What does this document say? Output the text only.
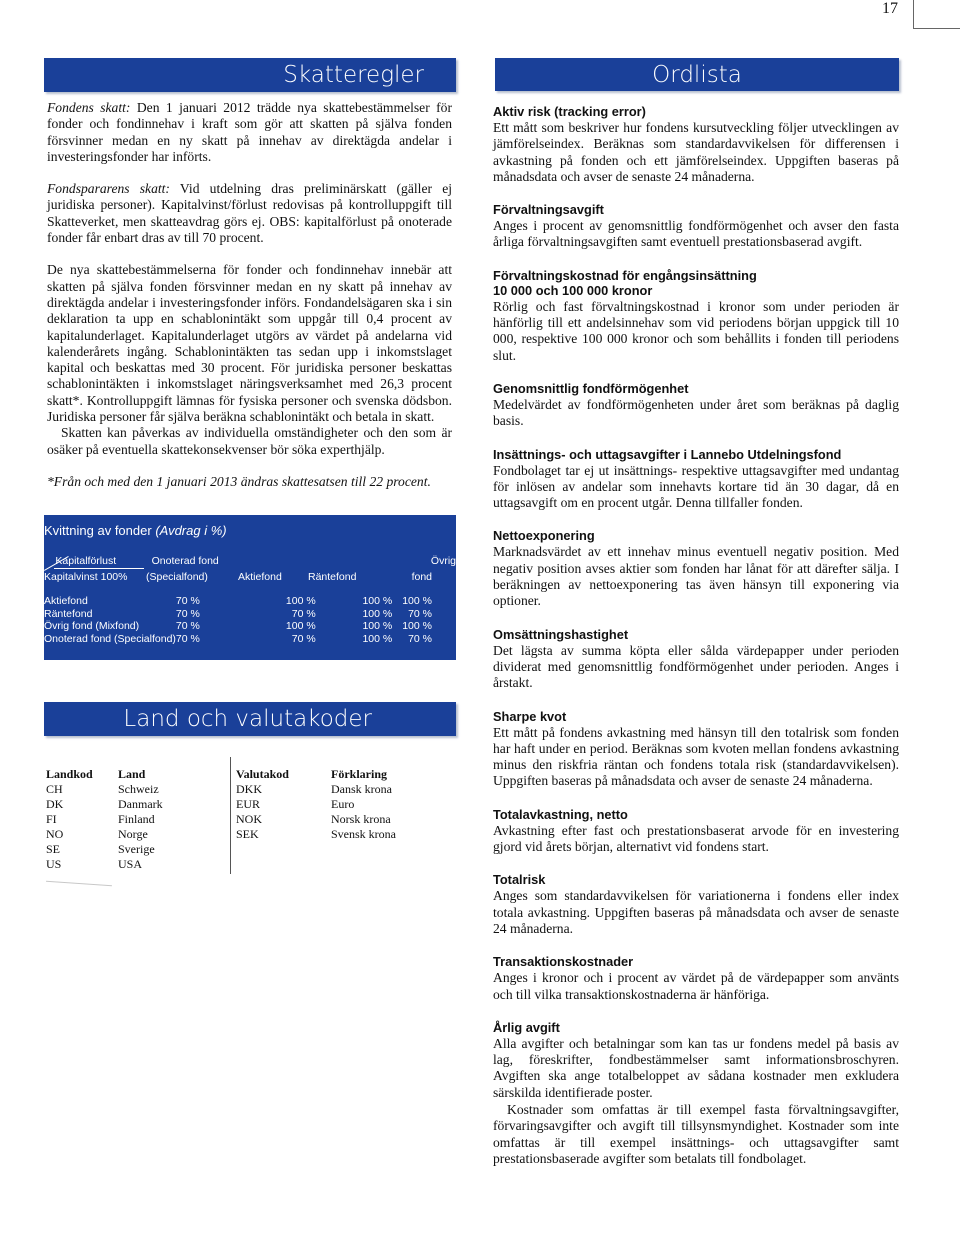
17
Skatteregler

Fondens skatt: Den 1 januari 2012 trädde nya skattebestämmelser för fonder och fondinnehav i kraft som gör att skatten på själva fonden försvinner medan en ny skatt på innehav av direktägda andelar i investeringsfonder har införts.

Fondspararens skatt: Vid utdelning dras preliminärskatt (gäller ej juridiska personer). Kapitalvinst/förlust redovisas på kontrolluppgift till Skatteverket, men skatteavdrag görs ej. OBS: kapitalförlust på onoterade fonder får enbart dras av till 70 procent.

De nya skattebestämmelserna för fonder och fondinnehav innebär att skatten på själva fonden försvinner medan en ny skatt på innehav av direktägda andelar i investeringsfonder införs. Fondandelsägaren ska i sin deklaration ta upp en schablonintäkt som uppgår till 0,4 procent av kapitalunderlaget. Kapitalunderlaget utgörs av värdet på andelarna vid kalenderårets ingång. Schablonintäkten tas sedan upp i inkomstslaget kapital och beskattas med 30 procent. För juridiska personer beskattas schablonintäkten i inkomstslaget näringsverksamhet med 26,3 procent skatt*. Kontrolluppgift lämnas för fysiska personer och svenska dödsbon. Juridiska personer får själva beräkna schablonintäkt och betala in skatt.

Skatten kan påverkas av individuella omständigheter och den som är osäker på eventuella skattekonsekvenser bör söka experthjälp.

*Från och med den 1 januari 2013 ändras skattesatsen till 22 procent.

Kvittning av fonder (Avdrag i %)
	Kapitalförlust	Onoterad fond	Övrig
Kapitalvinst 100%	(Specialfond)	Aktiefond	Räntefond	fond
Aktiefond	70 %	100 %	100 %	100 %
Räntefond	70 %	70 %	100 %	70 %
Övrig fond (Mixfond)	70 %	100 %	100 %	100 %
Onoterad fond (Specialfond)	70 %	70 %	100 %	70 %
Land och valutakoder
Landkod	Land
CH	Schweiz
DK	Danmark
FI	Finland
NO	Norge
SE	Sverige
US	USA
Valutakod	Förklaring
DKK	Dansk krona
EUR	Euro
NOK	Norsk krona
SEK	Svensk krona
Ordlista

Aktiv risk (tracking error)

Ett mått som beskriver hur fondens kursutveckling följer utvecklingen av jämförelseindex. Beräknas som standardavvikelsen för differensen i avkastning på fonden och ett jämförelseindex. Uppgiften baseras på månadsdata och avser de senaste 24 månaderna.

Förvaltningsavgift

Anges i procent av genomsnittlig fondförmögenhet och avser den fasta årliga förvaltningsavgiften samt eventuell prestationsbaserad avgift.

Förvaltningskostnad för engångsinsättning

10 000 och 100 000 kronor

Rörlig och fast förvaltningskostnad i kronor som under perioden är hänförlig till ett andelsinnehav som vid periodens början uppgick till 10 000, respektive 100 000 kronor och som behållits i fonden till periodens slut.

Genomsnittlig fondförmögenhet

Medelvärdet av fondförmögenheten under året som beräknas på daglig basis.

Insättnings- och uttagsavgifter i Lannebo Utdelningsfond

Fondbolaget tar ej ut insättnings- respektive uttagsavgifter med undantag för inlösen av andelar som innehavts kortare tid än 30 dagar, då en uttagsavgift om en procent utgår. Denna tillfaller fonden.

Nettoexponering

Marknadsvärdet av ett innehav minus eventuell negativ position. Med negativ position avses aktier som fonden har lånat för att därefter sälja. I beräkningen av nettoexponering tas även hänsyn till exponering via optioner.

Omsättningshastighet

Det lägsta av summa köpta eller sålda värdepapper under perioden dividerat med genomsnittlig fondförmögenhet under perioden. Anges i årstakt.

Sharpe kvot

Ett mått på fondens avkastning med hänsyn till den totalrisk som fonden har haft under en period. Beräknas som kvoten mellan fondens avkastning minus den riskfria räntan och fondens totala risk (standardavvikelsen). Uppgiften baseras på månadsdata och avser de senaste 24 månaderna.

Totalavkastning, netto

Avkastning efter fast och prestationsbaserat arvode för en investering gjord vid årets början, alternativt vid fondens start.

Totalrisk

Anges som standardavvikelsen för variationerna i fondens eller index totala avkastning. Uppgiften baseras på månadsdata och avser de senaste 24 månaderna.

Transaktionskostnader

Anges i kronor och i procent av värdet på de värdepapper som använts och till vilka transaktionskostnaderna är hänföriga.

Årlig avgift

Alla avgifter och betalningar som kan tas ur fondens medel på basis av lag, föreskrifter, fondbestämmelser samt informationsbroschyren. Avgiften ska ange totalbeloppet av sådana kostnader men exkludera särskilda identifierade poster.
Kostnader som omfattas är till exempel fasta förvaltningsavgifter, förvaringsavgifter och avgift till tillsynsmyndighet. Kostnader som inte omfattas är till exempel insättnings- och uttagsavgifter samt prestationsbaserade avgifter som betalats till fondbolaget.
